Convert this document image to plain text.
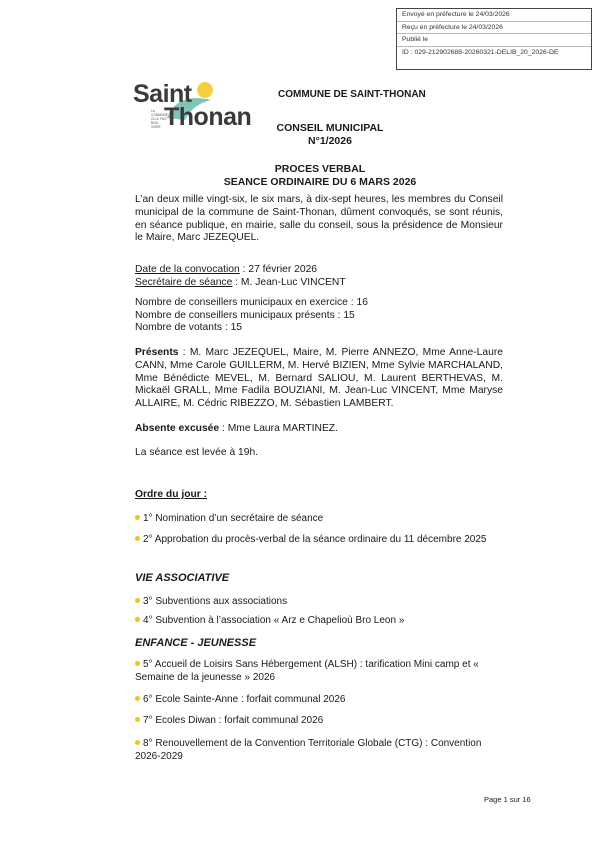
Envoyé en préfecture le 24/03/2026
Reçu en préfecture le 24/03/2026
Publié le
ID : 029-212902688-20260321-DELIB_20_2026-DE
Saint
Thonan
LA COMMUNE OU IL FAIT BON VIVRE
COMMUNE DE SAINT-THONAN
CONSEIL MUNICIPAL
N°1/2026
PROCES VERBAL
SEANCE ORDINAIRE DU 6 MARS 2026
L’an deux mille vingt-six, le six mars, à dix-sept heures, les membres du Conseil municipal de la commune de Saint-Thonan, dûment convoqués, se sont réunis, en séance publique, en mairie, salle du conseil, sous la présidence de Monsieur le Maire, Marc JEZEQUEL.
Date de la convocation : 27 février 2026
Secrétaire de séance : M. Jean-Luc VINCENT
Nombre de conseillers municipaux en exercice : 16
Nombre de conseillers municipaux présents : 15
Nombre de votants : 15
Présents : M. Marc JEZEQUEL, Maire, M. Pierre ANNEZO, Mme Anne-Laure CANN, Mme Carole GUILLERM, M. Hervé BIZIEN, Mme Sylvie MARCHALAND, Mme Bénédicte MEVEL, M. Bernard SALIOU, M. Laurent BERTHEVAS, M. Mickaël GRALL, Mme Fadila BOUZIANI, M. Jean-Luc VINCENT, Mme Maryse ALLAIRE, M. Cédric RIBEZZO, M. Sébastien LAMBERT.
Absente excusée : Mme Laura MARTINEZ.
La séance est levée à 19h.
Ordre du jour :
1° Nomination d’un secrétaire de séance
2° Approbation du procès-verbal de la séance ordinaire du 11 décembre 2025
VIE ASSOCIATIVE
3° Subventions aux associations
4° Subvention à l’association « Arz e Chapelioù Bro Leon »
ENFANCE - JEUNESSE
5° Accueil de Loisirs Sans Hébergement (ALSH) : tarification Mini camp et « Semaine de la jeunesse » 2026
6° Ecole Sainte-Anne : forfait communal 2026
7° Ecoles Diwan : forfait communal 2026
8° Renouvellement de la Convention Territoriale Globale (CTG) : Convention 2026-2029
Page 1 sur 16
